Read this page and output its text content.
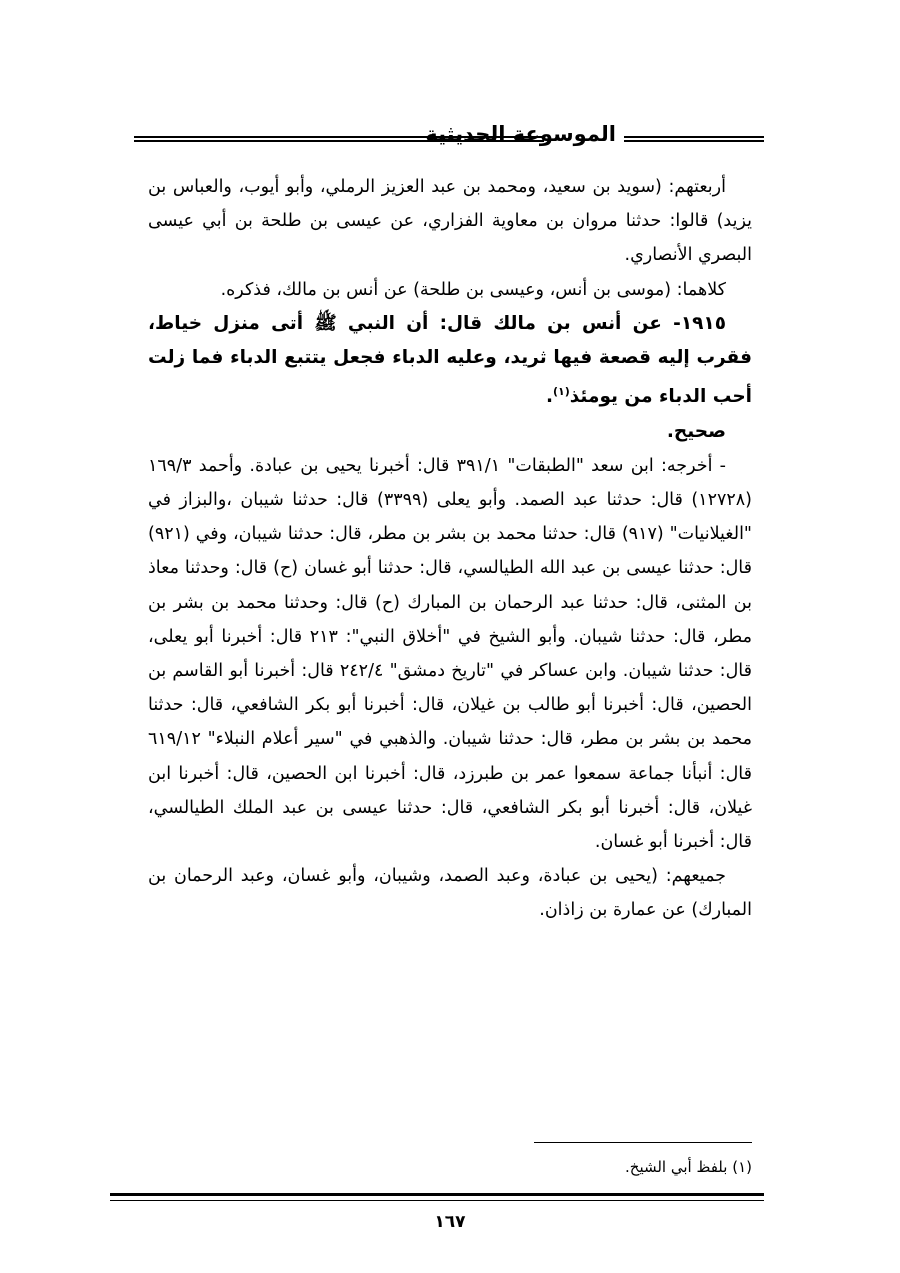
الموسوعة الحديثية

أربعتهم: (سويد بن سعيد، ومحمد بن عبد العزيز الرملي، وأبو أيوب، والعباس بن يزيد) قالوا: حدثنا مروان بن معاوية الفزاري، عن عيسى بن طلحة بن أبي عيسى البصري الأنصاري.

كلاهما: (موسى بن أنس، وعيسى بن طلحة) عن أنس بن مالك، فذكره.

١٩١٥- عن أنس بن مالك قال: أن النبي ﷺ أتى منزل خياط، فقرب إليه قصعة فيها ثريد، وعليه الدباء فجعل يتتبع الدباء فما زلت أحب الدباء من يومئذ$^{(١)}$.

صحيح.

- أخرجه: ابن سعد "الطبقات" ٣٩١/١ قال: أخبرنا يحيى بن عبادة. وأحمد ١٦٩/٣ (١٢٧٢٨) قال: حدثنا عبد الصمد. وأبو يعلى (٣٣٩٩) قال: حدثنا شيبان ،والبزاز في "الغيلانيات" (٩١٧) قال: حدثنا محمد بن بشر بن مطر، قال: حدثنا شيبان، وفي (٩٢١) قال: حدثنا عيسى بن عبد الله الطيالسي، قال: حدثنا أبو غسان (ح) قال: وحدثنا معاذ بن المثنى، قال: حدثنا عبد الرحمان بن المبارك (ح) قال: وحدثنا محمد بن بشر بن مطر، قال: حدثنا شيبان. وأبو الشيخ في "أخلاق النبي": ٢١٣ قال: أخبرنا أبو يعلى، قال: حدثنا شيبان. وابن عساكر في "تاريخ دمشق" ٢٤٢/٤ قال: أخبرنا أبو القاسم بن الحصين، قال: أخبرنا أبو طالب بن غيلان، قال: أخبرنا أبو بكر الشافعي، قال: حدثنا محمد بن بشر بن مطر، قال: حدثنا شيبان. والذهبي في "سير أعلام النبلاء" ٦١٩/١٢ قال: أنبأنا جماعة سمعوا عمر بن طبرزد، قال: أخبرنا ابن الحصين، قال: أخبرنا ابن غيلان، قال: أخبرنا أبو بكر الشافعي، قال: حدثنا عيسى بن عبد الملك الطيالسي، قال: أخبرنا أبو غسان.

جميعهم: (يحيى بن عبادة، وعبد الصمد، وشيبان، وأبو غسان، وعبد الرحمان بن المبارك) عن عمارة بن زاذان.

(١) بلفظ أبي الشيخ.
١٦٧
